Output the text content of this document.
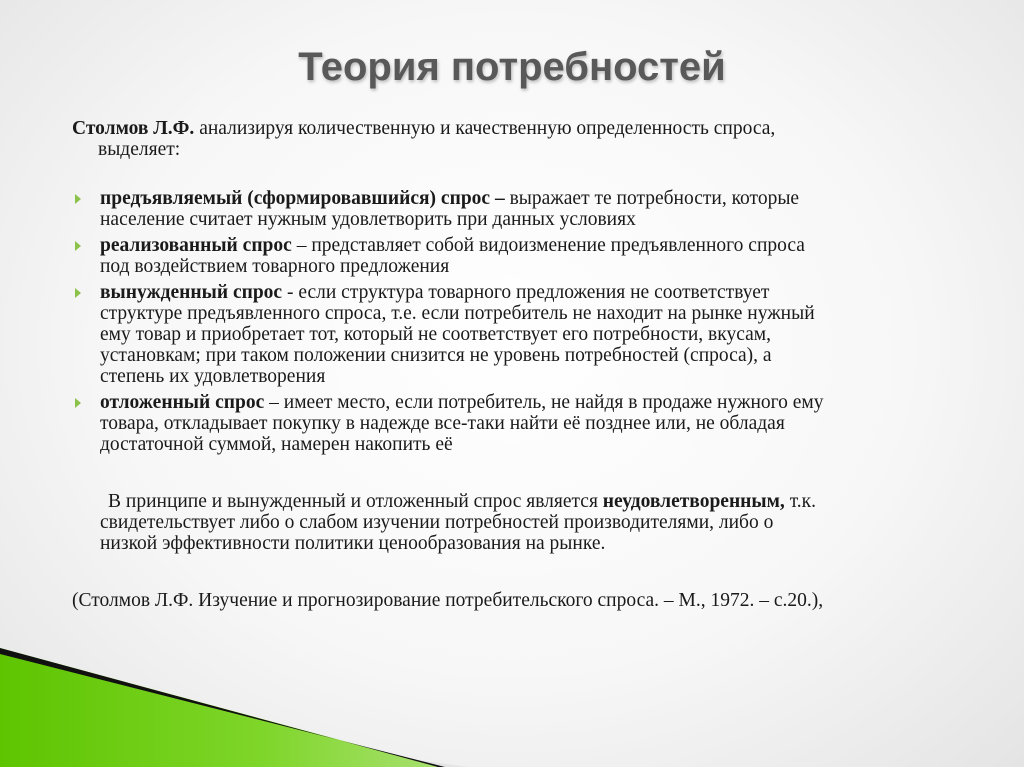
Теория потребностей

Столмов Л.Ф. анализируя количественную и качественную определенность спроса,
выделяет:

предъявляемый (сформировавшийся) спрос – выражает те потребности, которые
население считает нужным удовлетворить при данных условиях
реализованный спрос – представляет собой видоизменение предъявленного спроса
под воздействием товарного предложения
вынужденный спрос - если структура товарного предложения не соответствует
структуре предъявленного спроса, т.е. если потребитель не находит на рынке нужный
ему товар и приобретает тот, который не соответствует его потребности, вкусам,
установкам; при таком положении снизится не уровень потребностей (спроса), а
степень их удовлетворения
отложенный спрос – имеет место, если потребитель, не найдя в продаже нужного ему
товара, откладывает покупку в надежде все-таки найти её позднее или, не обладая
достаточной суммой, намерен накопить её

В принципе и вынужденный и отложенный спрос является неудовлетворенным, т.к.
свидетельствует либо о слабом изучении потребностей производителями, либо о
низкой эффективности политики ценообразования на рынке.

(Столмов Л.Ф. Изучение и прогнозирование потребительского спроса. – М., 1972. – с.20.),
